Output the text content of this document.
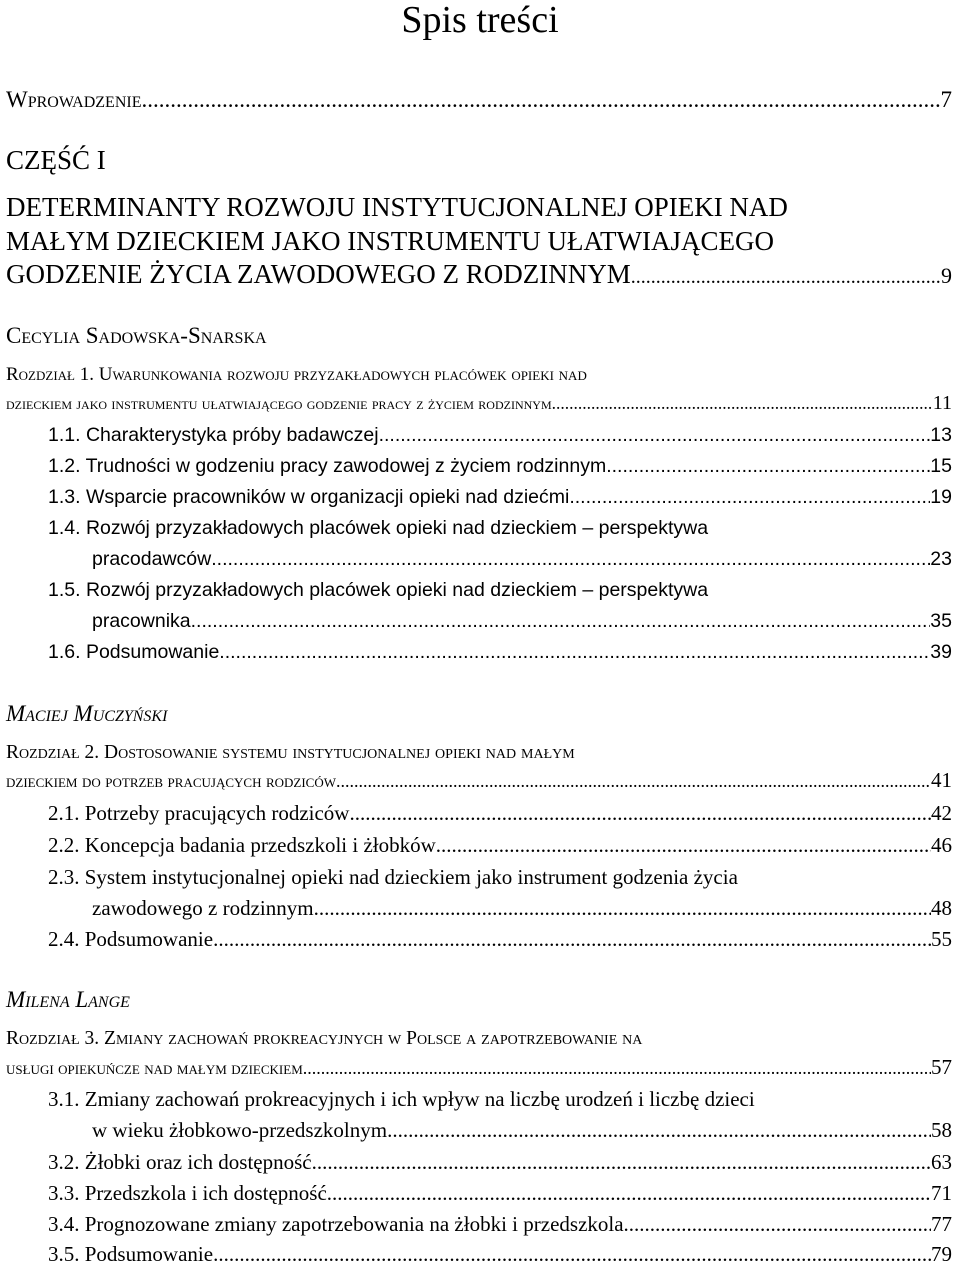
Spis treści
Wprowadzenie .....	7
CZĘŚĆ I
DETERMINANTY ROZWOJU INSTYTUCJONALNEJ OPIEKI NAD
MAŁYM DZIECKIEM JAKO INSTRUMENTU UŁATWIAJĄCEGO
GODZENIE ŻYCIA ZAWODOWEGO Z RODZINNYM .....	9
Cecylia Sadowska-Snarska
Rozdział 1. Uwarunkowania rozwoju przyzakładowych placówek opieki nad
dzieckiem jako instrumentu ułatwiającego godzenie pracy z życiem rodzinnym .....	11
1.1. Charakterystyka próby badawczej .....	13
1.2. Trudności w godzeniu pracy zawodowej z życiem rodzinnym .....	15
1.3. Wsparcie pracowników w organizacji opieki nad dziećmi .....	19
1.4. Rozwój przyzakładowych placówek opieki nad dzieckiem – perspektywa
pracodawców .....	23
1.5. Rozwój przyzakładowych placówek opieki nad dzieckiem – perspektywa
pracownika .....	35
1.6. Podsumowanie .....	39
Maciej Muczyński
Rozdział 2. Dostosowanie systemu instytucjonalnej opieki nad małym
dzieckiem do potrzeb pracujących rodziców .....	41
2.1. Potrzeby pracujących rodziców .....	42
2.2. Koncepcja badania przedszkoli i żłobków .....	46
2.3. System instytucjonalnej opieki nad dzieckiem jako instrument godzenia życia
zawodowego z rodzinnym .....	48
2.4. Podsumowanie .....	55
Milena Lange
Rozdział 3. Zmiany zachowań prokreacyjnych w Polsce a zapotrzebowanie na
usługi opiekuńcze nad małym dzieckiem .....	57
3.1. Zmiany zachowań prokreacyjnych i ich wpływ na liczbę urodzeń i liczbę dzieci
w wieku żłobkowo-przedszkolnym .....	58
3.2. Żłobki oraz ich dostępność .....	63
3.3. Przedszkola i ich dostępność .....	71
3.4. Prognozowane zmiany zapotrzebowania na żłobki i przedszkola .....	77
3.5. Podsumowanie .....	79
